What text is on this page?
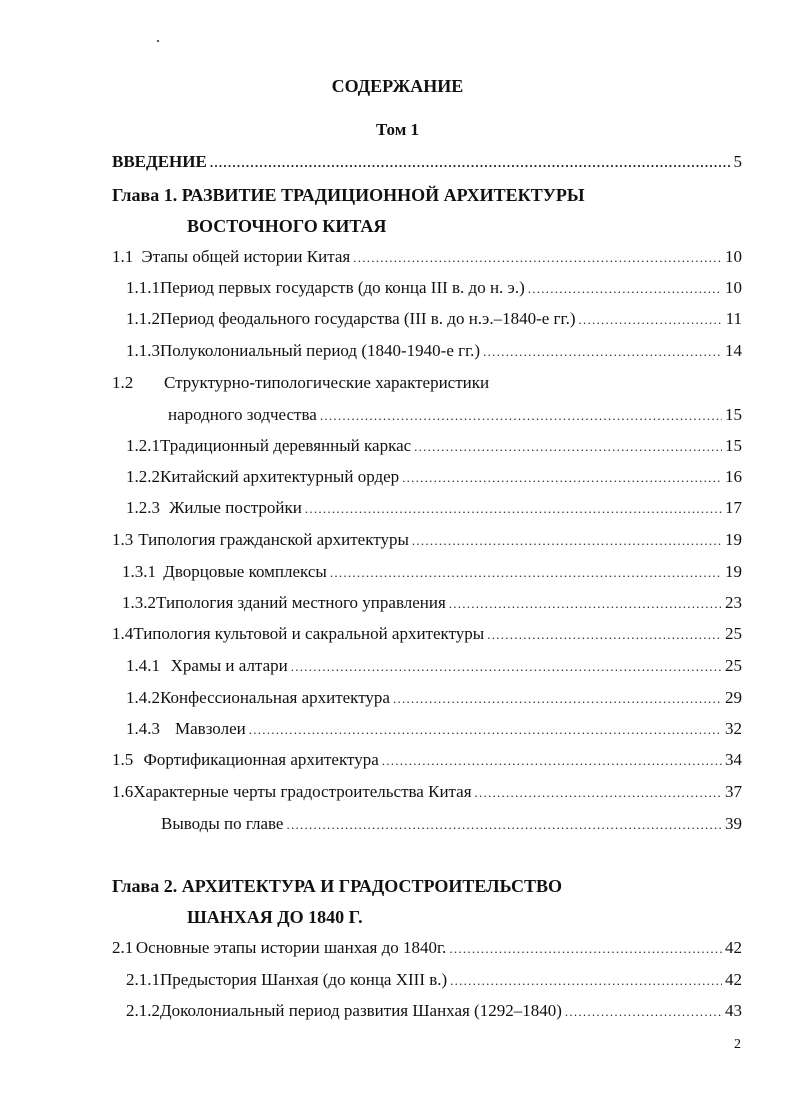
СОДЕРЖАНИЕ
Том 1
ВВЕДЕНИЕ . . .	5
Глава 1. РАЗВИТИЕ ТРАДИЦИОННОЙ АРХИТЕКТУРЫ
ВОСТОЧНОГО КИТАЯ
1.1 Этапы общей истории Китая . . .	10
1.1.1 Период первых государств (до конца III в. до н. э.) . . .	10
1.1.2 Период феодального государства (III в. до н.э.–1840-е гг.) . . .	11
1.1.3 Полуколониальный период (1840-1940-е гг.) . . .	14
1.2 Структурно-типологические характеристики
народного зодчества . . .	15
1.2.1 Традиционный деревянный каркас . . .	15
1.2.2 Китайский архитектурный ордер . . .	16
1.2.3 Жилые постройки . . .	17
1.3 Типология гражданской архитектуры . . .	19
1.3.1 Дворцовые комплексы . . .	19
1.3.2 Типология зданий местного управления . . .	23
1.4 Типология культовой и сакральной архитектуры . . .	25
1.4.1 Храмы и алтари . . .	25
1.4.2 Конфессиональная архитектура . . .	29
1.4.3 Мавзолеи . . .	32
1.5 Фортификационная архитектура . . .	34
1.6 Характерные черты градостроительства Китая . . .	37
Выводы по главе . . .	39
Глава 2. АРХИТЕКТУРА И ГРАДОСТРОИТЕЛЬСТВО
ШАНХАЯ ДО 1840 Г.
2.1 Основные этапы истории шанхая до 1840г. . . .	42
2.1.1 Предыстория Шанхая (до конца XIII в.) . . .	42
2.1.2 Доколониальный период развития Шанхая (1292–1840) . . .	43
2
